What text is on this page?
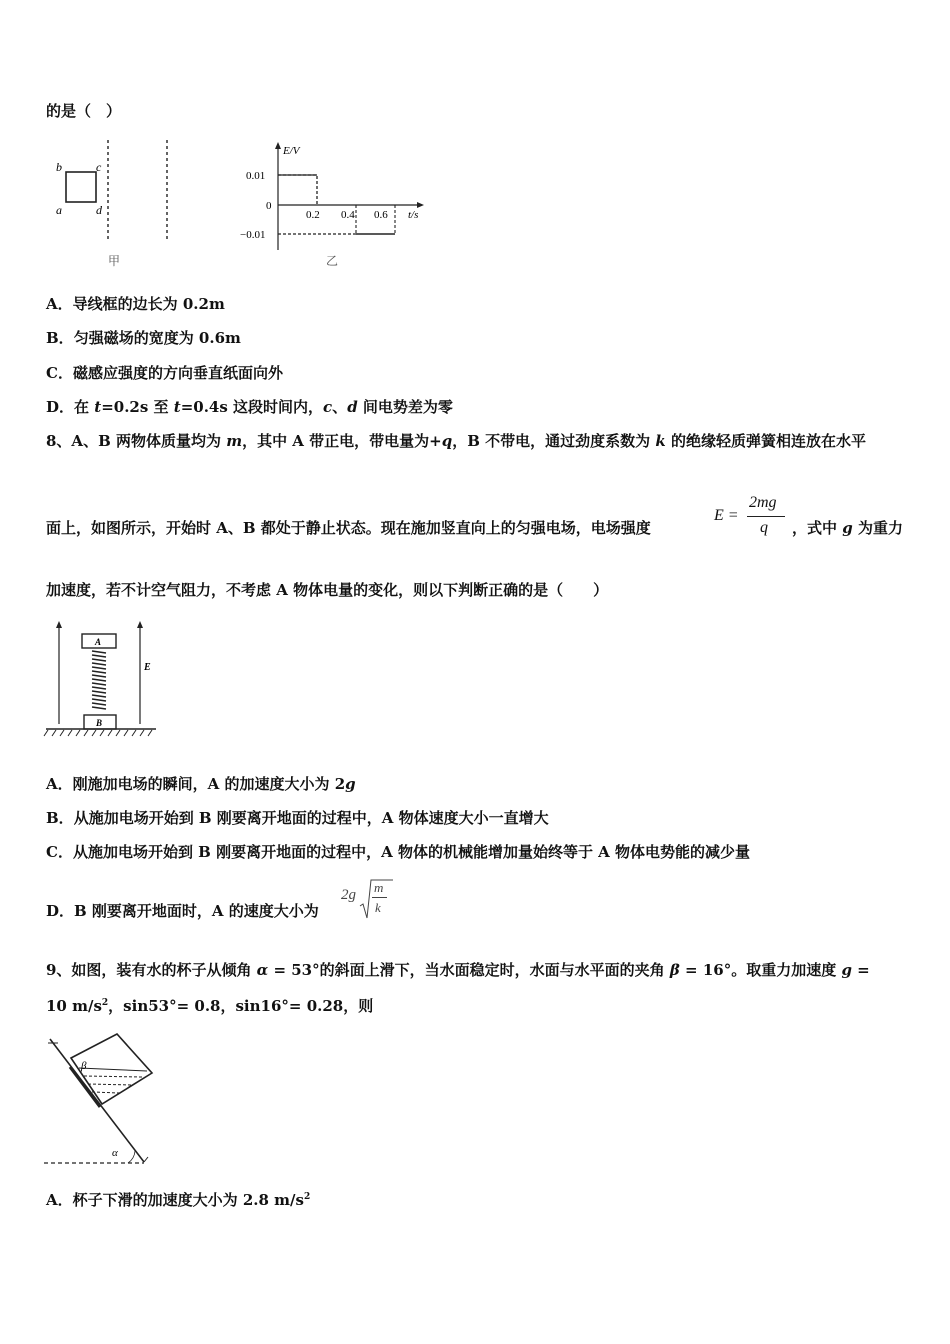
的是（　）
b	c
a	d
甲
E/V
t/s
0.01
0
−0.01
0.2 0.4 0.6
乙
A．导线框的边长为 0.2m
B．匀强磁场的宽度为 0.6m
C．磁感应强度的方向垂直纸面向外
D．在 t=0.2s 至 t=0.4s 这段时间内，c、d 间电势差为零
8、A、B 两物体质量均为 m，其中 A 带正电，带电量为+q，B 不带电，通过劲度系数为 k 的绝缘轻质弹簧相连放在水平
面上，如图所示，开始时 A、B 都处于静止状态。现在施加竖直向上的匀强电场，电场强度
E =
2mg
q ，式中 g 为重力
加速度，若不计空气阻力，不考虑 A 物体电量的变化，则以下判断正确的是（　　）
E
A
B
A．刚施加电场的瞬间，A 的加速度大小为 2g
B．从施加电场开始到 B 刚要离开地面的过程中，A 物体速度大小一直增大
C．从施加电场开始到 B 刚要离开地面的过程中，A 物体的机械能增加量始终等于 A 物体电势能的减少量
D．B 刚要离开地面时，A 的速度大小为
2g m
k
9、如图，装有水的杯子从倾角 α = 53°的斜面上滑下，当水面稳定时，水面与水平面的夹角 β = 16°。取重力加速度 g =
10 $m/s^2$，sin53°= 0.8，sin16°= 0.28，则
β
α
A．杯子下滑的加速度大小为 2.8 $m/s^2$
